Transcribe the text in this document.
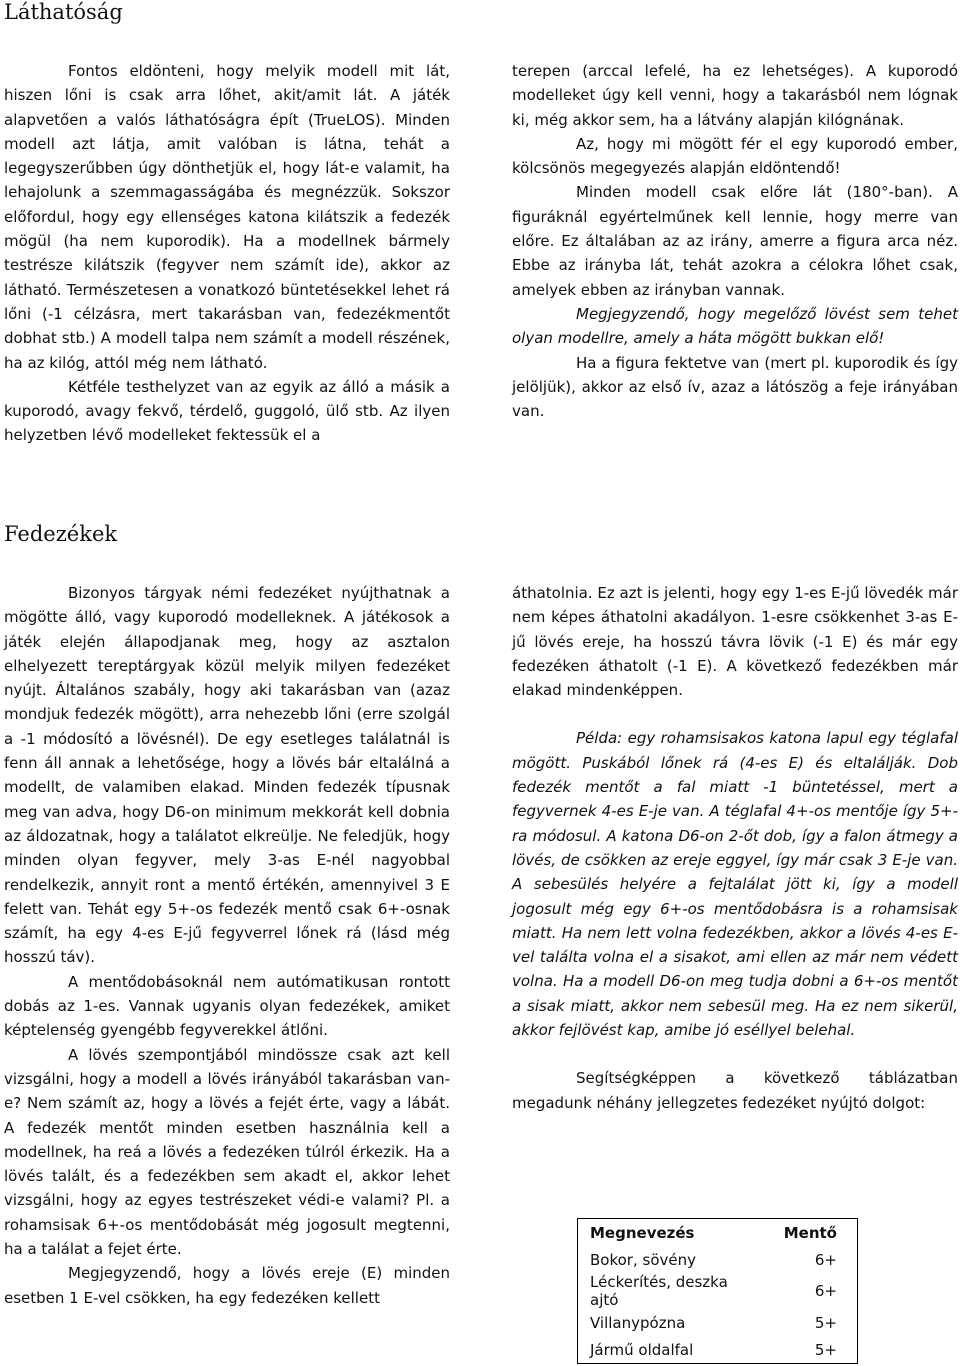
Láthatóság

Fontos eldönteni, hogy melyik modell mit lát, hiszen lőni is csak arra lőhet, akit/amit lát. A játék alapvetően a valós láthatóságra épít (TrueLOS). Minden modell azt látja, amit valóban is látna, tehát a legegyszerűbben úgy dönthetjük el, hogy lát-e valamit, ha lehajolunk a szemmagasságába és megnézzük. Sokszor előfordul, hogy egy ellenséges katona kilátszik a fedezék mögül (ha nem kuporodik). Ha a modellnek bármely testrésze kilátszik (fegyver nem számít ide), akkor az látható. Természetesen a vonatkozó büntetésekkel lehet rá lőni (-1 célzásra, mert takarásban van, fedezékmentőt dobhat stb.) A modell talpa nem számít a modell részének, ha az kilóg, attól még nem látható.

Kétféle testhelyzet van az egyik az álló a másik a kuporodó, avagy fekvő, térdelő, guggoló, ülő stb. Az ilyen helyzetben lévő modelleket fektessük el a

terepen (arccal lefelé, ha ez lehetséges). A kuporodó modelleket úgy kell venni, hogy a takarásból nem lógnak ki, még akkor sem, ha a látvány alapján kilógnának.

Az, hogy mi mögött fér el egy kuporodó ember, kölcsönös megegyezés alapján eldöntendő!

Minden modell csak előre lát (180°-ban). A figuráknál egyértelműnek kell lennie, hogy merre van előre. Ez általában az az irány, amerre a figura arca néz. Ebbe az irányba lát, tehát azokra a célokra lőhet csak, amelyek ebben az irányban vannak.

Megjegyzendő, hogy megelőző lövést sem tehet olyan modellre, amely a háta mögött bukkan elő!

Ha a figura fektetve van (mert pl. kuporodik és így jelöljük), akkor az első ív, azaz a látószög a feje irányában van.

Fedezékek

Bizonyos tárgyak némi fedezéket nyújthatnak a mögötte álló, vagy kuporodó modelleknek. A játékosok a játék elején állapodjanak meg, hogy az asztalon elhelyezett tereptárgyak közül melyik milyen fedezéket nyújt. Általános szabály, hogy aki takarásban van (azaz mondjuk fedezék mögött), arra nehezebb lőni (erre szolgál a -1 módosító a lövésnél). De egy esetleges találatnál is fenn áll annak a lehetősége, hogy a lövés bár eltalálná a modellt, de valamiben elakad. Minden fedezék típusnak meg van adva, hogy D6-on minimum mekkorát kell dobnia az áldozatnak, hogy a találatot elkreülje. Ne feledjük, hogy minden olyan fegyver, mely 3-as E-nél nagyobbal rendelkezik, annyit ront a mentő értékén, amennyivel 3 E felett van. Tehát egy 5+-os fedezék mentő csak 6+-osnak számít, ha egy 4-es E-jű fegyverrel lőnek rá (lásd még hosszú táv).

A mentődobásoknál nem autómatikusan rontott dobás az 1-es. Vannak ugyanis olyan fedezékek, amiket képtelenség gyengébb fegyverekkel átlőni.

A lövés szempontjából mindössze csak azt kell vizsgálni, hogy a modell a lövés irányából takarásban van-e? Nem számít az, hogy a lövés a fejét érte, vagy a lábát. A fedezék mentőt minden esetben használnia kell a modellnek, ha reá a lövés a fedezéken túlról érkezik. Ha a lövés talált, és a fedezékben sem akadt el, akkor lehet vizsgálni, hogy az egyes testrészeket védi-e valami? Pl. a rohamsisak 6+-os mentődobását még jogosult megtenni, ha a találat a fejet érte.

Megjegyzendő, hogy a lövés ereje (E) minden esetben 1 E-vel csökken, ha egy fedezéken kellett

áthatolnia. Ez azt is jelenti, hogy egy 1-es E-jű lövedék már nem képes áthatolni akadályon. 1-esre csökkenhet 3-as E-jű lövés ereje, ha hosszú távra lövik (-1 E) és már egy fedezéken áthatolt (-1 E). A következő fedezékben már elakad mindenképpen.

Példa: egy rohamsisakos katona lapul egy téglafal mögött. Puskából lőnek rá (4-es E) és eltalálják. Dob fedezék mentőt a fal miatt -1 büntetéssel, mert a fegyvernek 4-es E-je van. A téglafal 4+-os mentője így 5+-ra módosul. A katona D6-on 2-őt dob, így a falon átmegy a lövés, de csökken az ereje eggyel, így már csak 3 E-je van. A sebesülés helyére a fejtalálat jött ki, így a modell jogosult még egy 6+-os mentődobásra is a rohamsisak miatt. Ha nem lett volna fedezékben, akkor a lövés 4-es E-vel találta volna el a sisakot, ami ellen az már nem védett volna. Ha a modell D6-on meg tudja dobni a 6+-os mentőt a sisak miatt, akkor nem sebesül meg. Ha ez nem sikerül, akkor fejlövést kap, amibe jó eséllyel belehal.

Segítségképpen a következő táblázatban megadunk néhány jellegzetes fedezéket nyújtó dolgot:

Megnevezés	Mentő
Bokor, sövény	6+
Léckerítés, deszka ajtó	6+
Villanypózna	5+
Jármű oldalfal	5+
